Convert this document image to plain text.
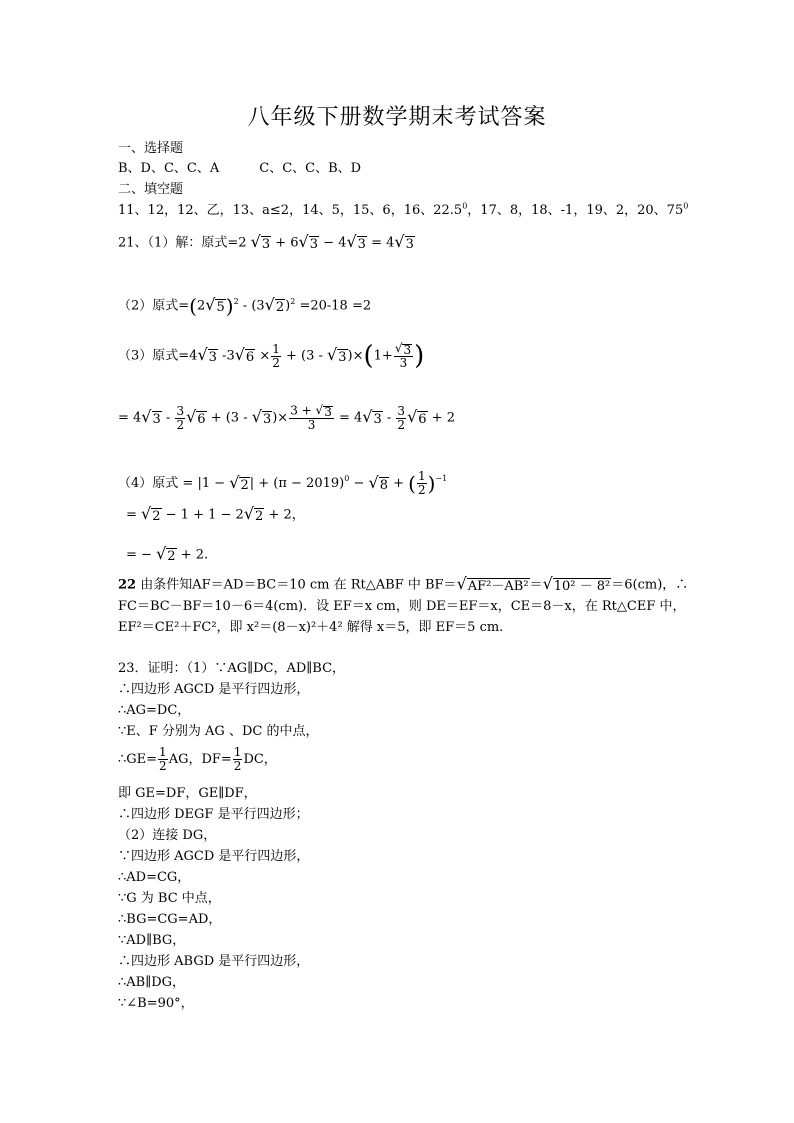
八年级下册数学期末考试答案
一、选择题
B、D、C、C、A	C、C、C、B、D
二、填空题
11、12，12、乙，13、a≤2，14、5，15、6，16、22.5$^0$，17、8，18、-1，19、2，20、$75^0$
21、（1）解：原式=2 √ 3 + 6 √ 3 − 4 √ 3 = 4 √ 3
（2）原式=(2 √ 5 )$^2$ - (3 √ 2 )$^2$ =20-18 =2
（3）原式=4 √ 3 -3 √ $6 \times \frac{1}{2} + (3$ - √ 3 )$\times(1+ \frac{√ 3}{3}$ )
= 4 √ $3 - \frac{3}{2}$ √ 6 + (3 - √ 3 )× $\frac{3 + √ 3}{3} = 4$ √ $3 - \frac{3}{2}$ √ 6 + 2
（4）原式 = |1 − √ 2 | + $(\pi - 2019)^0$ − √ 8 + ( $\frac{1}{2} )^{-1}$
= √ 2 − 1 + 1 − 2 √ 2 + 2，
= − √ 2 + 2.
22 由条件知AF＝AD＝BC＝10 cm 在 Rt△ABF 中 BF＝ √ AF²－AB² ＝ √ 10² － 8² ＝6(cm)，∴
FC＝BC－BF＝10－6＝4(cm)．设 EF＝x cm，则 DE＝EF＝x，CE＝8－x，在 Rt△CEF 中，
EF²＝CE²＋FC²，即 x²＝(8－x)²＋4² 解得 x＝5，即 EF＝5 cm.
23．证明：（1）∵AG∥DC，AD∥BC，
∴四边形 AGCD 是平行四边形，
∴AG=DC，
∵E、F 分别为 AG 、DC 的中点，
∴GE= $\frac{1}{2}$ AG，$DF= \frac{1}{2}$ DC，
即 GE=DF，GE∥DF，
∴四边形 DEGF 是平行四边形；
（2）连接 DG，
∵四边形 AGCD 是平行四边形，
∴AD=CG，
∵G 为 BC 中点，
∴BG=CG=AD，
∵AD∥BG，
∴四边形 ABGD 是平行四边形，
∴AB∥DG，
∵∠B=90°，
